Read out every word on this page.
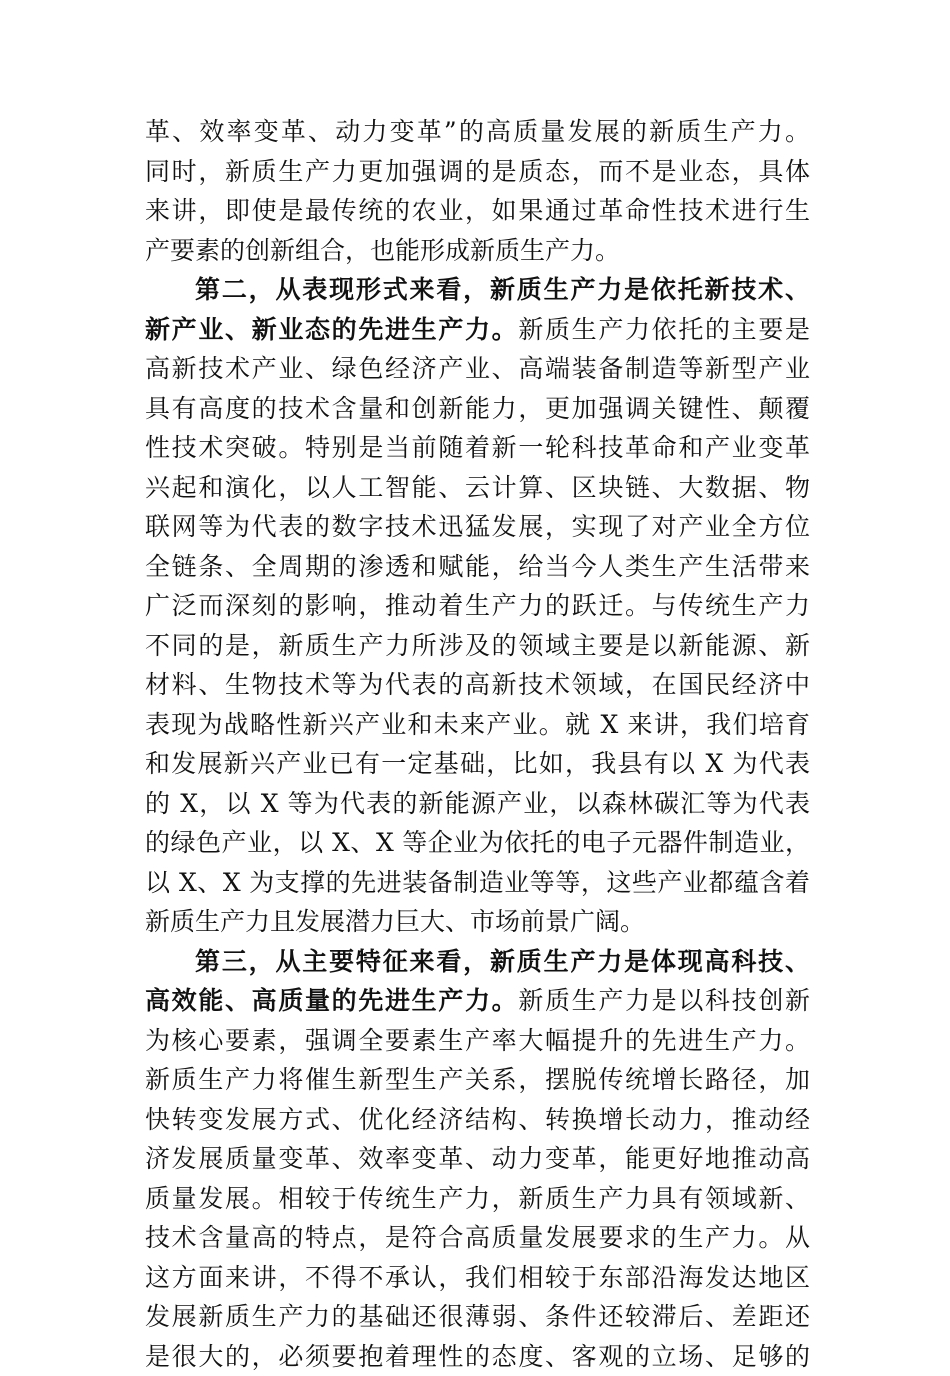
革、效率变革、动力变革”的高质量发展的新质生产力。
同时，新质生产力更加强调的是质态，而不是业态，具体
来讲，即使是最传统的农业，如果通过革命性技术进行生
产要素的创新组合，也能形成新质生产力。
第二，从表现形式来看，新质生产力是依托新技术、
新产业、新业态的先进生产力。新质生产力依托的主要是
高新技术产业、绿色经济产业、高端装备制造等新型产业
具有高度的技术含量和创新能力，更加强调关键性、颠覆
性技术突破。特别是当前随着新一轮科技革命和产业变革
兴起和演化，以人工智能、云计算、区块链、大数据、物
联网等为代表的数字技术迅猛发展，实现了对产业全方位
全链条、全周期的渗透和赋能，给当今人类生产生活带来
广泛而深刻的影响，推动着生产力的跃迁。与传统生产力
不同的是，新质生产力所涉及的领域主要是以新能源、新
材料、生物技术等为代表的高新技术领域，在国民经济中
表现为战略性新兴产业和未来产业。就 X 来讲，我们培育
和发展新兴产业已有一定基础，比如，我县有以 X 为代表
的 X，以 X 等为代表的新能源产业，以森林碳汇等为代表
的绿色产业，以 X、X 等企业为依托的电子元器件制造业，
以 X、X 为支撑的先进装备制造业等等，这些产业都蕴含着
新质生产力且发展潜力巨大、市场前景广阔。
第三，从主要特征来看，新质生产力是体现高科技、
高效能、高质量的先进生产力。新质生产力是以科技创新
为核心要素，强调全要素生产率大幅提升的先进生产力。
新质生产力将催生新型生产关系，摆脱传统增长路径，加
快转变发展方式、优化经济结构、转换增长动力，推动经
济发展质量变革、效率变革、动力变革，能更好地推动高
质量发展。相较于传统生产力，新质生产力具有领域新、
技术含量高的特点，是符合高质量发展要求的生产力。从
这方面来讲，不得不承认，我们相较于东部沿海发达地区
发展新质生产力的基础还很薄弱、条件还较滞后、差距还
是很大的，必须要抱着理性的态度、客观的立场、足够的
